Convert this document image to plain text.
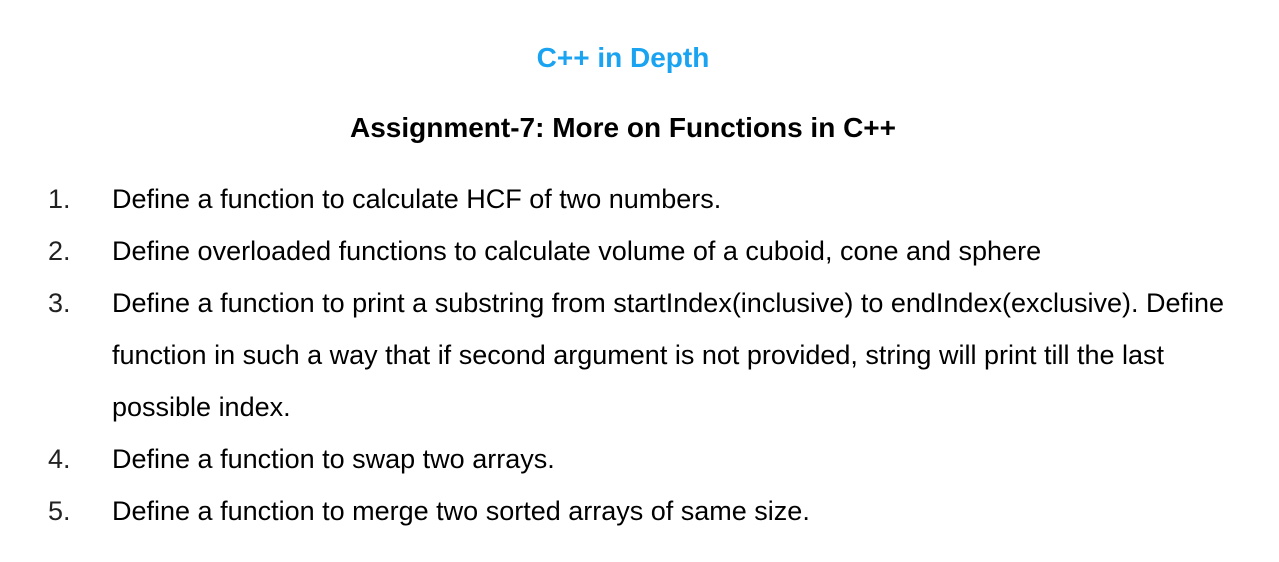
C++ in Depth
Assignment-7: More on Functions in C++
1. Define a function to calculate HCF of two numbers.
2. Define overloaded functions to calculate volume of a cuboid, cone and sphere
3. Define a function to print a substring from startIndex(inclusive) to endIndex(exclusive). Define function in such a way that if second argument is not provided, string will print till the last possible index.
4. Define a function to swap two arrays.
5. Define a function to merge two sorted arrays of same size.
